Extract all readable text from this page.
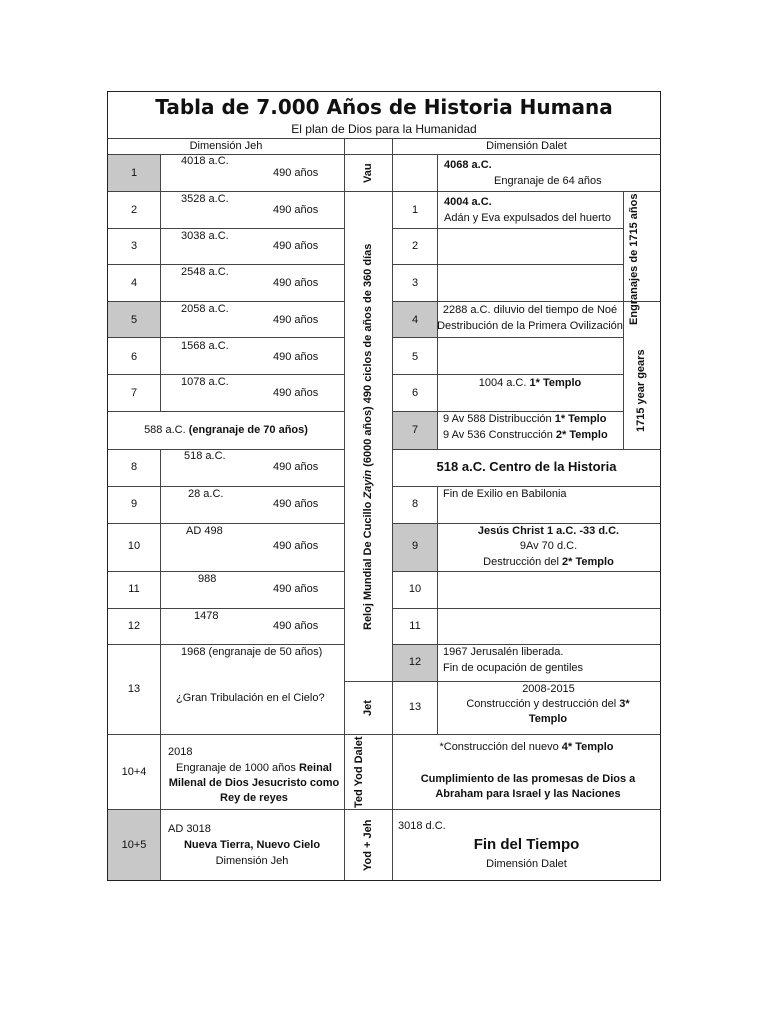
Tabla de 7.000 Años de Historia Humana
El plan de Dios para la Humanidad
Dimensión Jeh	Dimensión Dalet
1
4018 a.C.
490 años
2
3528 a.C.
490 años
3
3038 a.C.
490 años
4
2548 a.C.
490 años
5
2058 a.C.
490 años
6
1568 a.C.
490 años
7
1078 a.C.
490 años
588 a.C. (engranaje de 70 años)
8
518 a.C.
490 años
9
28 a.C.
490 años
10
AD 498
490 años
11
988
490 años
12
1478
490 años
13
1968 (engranaje de 50 años)
¿Gran Tribulación en el Cielo?
10+4
2018
Engranaje de 1000 años Reinal Milenal de Dios Jesucristo como Rey de reyes
10+5
AD 3018
Nueva Tierra, Nuevo Cielo
Dimensión Jeh
Vau
Reloj Mundial De Cucillo Zayin (6000 años) 490 ciclos de años de 360 días
Jet
Ted Yod Dalet
Yod + Jeh
Engranajes de 1715 años
1715 year gears
4068 a.C.
Engranaje de 64 años
1
4004 a.C.
Adán y Eva expulsados del huerto
2
3
4
2288 a.C. diluvio del tiempo de Noé
Destribución de la Primera Ovilización
5
6
1004 a.C. 1* Templo
7
9 Av 588 Distribucción 1* Templo
9 Av 536 Construcción 2* Templo
518 a.C. Centro de la Historia
8
Fin de Exilio en Babilonia
9
Jesús Christ 1 a.C. -33 d.C.
9Av 70 d.C.
Destrucción del 2* Templo
10
11
12
1967 Jerusalén liberada.
Fin de ocupación de gentiles
13
2008-2015
Construcción y destrucción del 3* Templo
*Construcción del nuevo 4* Templo
Cumplimiento de las promesas de Dios a Abraham para Israel y las Naciones
3018 d.C.
Fin del Tiempo
Dimensión Dalet
